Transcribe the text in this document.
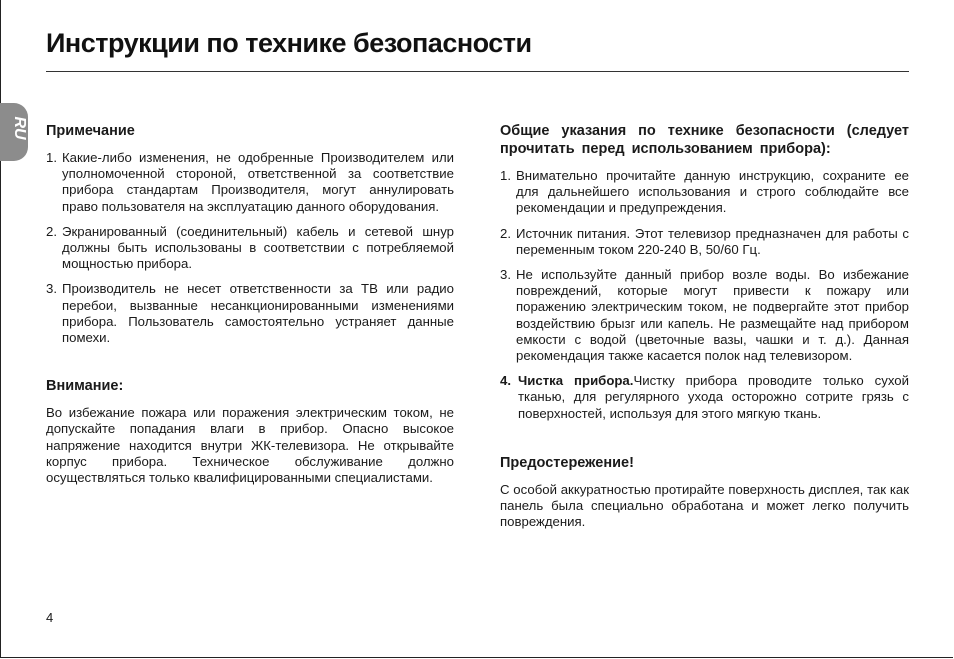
Инструкции по технике безопасности
RU Примечание
1. Какие-либо изменения, не одобренные Производителем или уполномоченной стороной, ответственной за соответствие прибора стандартам Производителя, могут аннулировать право пользователя на эксплуатацию данного оборудования.
2. Экранированный (соединительный) кабель и сетевой шнур должны быть использованы в соответствии с потребляемой мощностью прибора.
3. Производитель не несет ответственности за ТВ или радио перебои, вызванные несанкционированными изменениями прибора. Пользователь самостоятельно устраняет данные помехи.
Внимание:

Во избежание пожара или поражения электрическим током, не допускайте попадания влаги в прибор. Опасно высокое напряжение находится внутри ЖК-телевизора. Не открывайте корпус прибора. Техническое обслуживание должно осуществляться только квалифицированными специалистами.

Общие указания по технике безопасности (следует прочитать перед использованием прибора):
1. Внимательно прочитайте данную инструкцию, сохраните ее для дальнейшего использования и строго соблюдайте все рекомендации и предупреждения.
2. Источник питания. Этот телевизор предназначен для работы с переменным током 220-240 В, 50/60 Гц.
3. Не используйте данный прибор возле воды. Во избежание повреждений, которые могут привести к пожару или поражению электрическим током, не подвергайте этот прибор воздействию брызг или капель. Не размещайте над прибором емкости с водой (цветочные вазы, чашки и т. д.). Данная рекомендация также касается полок над телевизором.
4. Чистка прибора.Чистку прибора проводите только сухой тканью, для регулярного ухода осторожно сотрите грязь с поверхностей, используя для этого мягкую ткань.
Предостережение!

С особой аккуратностью протирайте поверхность дисплея, так как панель была специально обработана и может легко получить повреждения.

4
